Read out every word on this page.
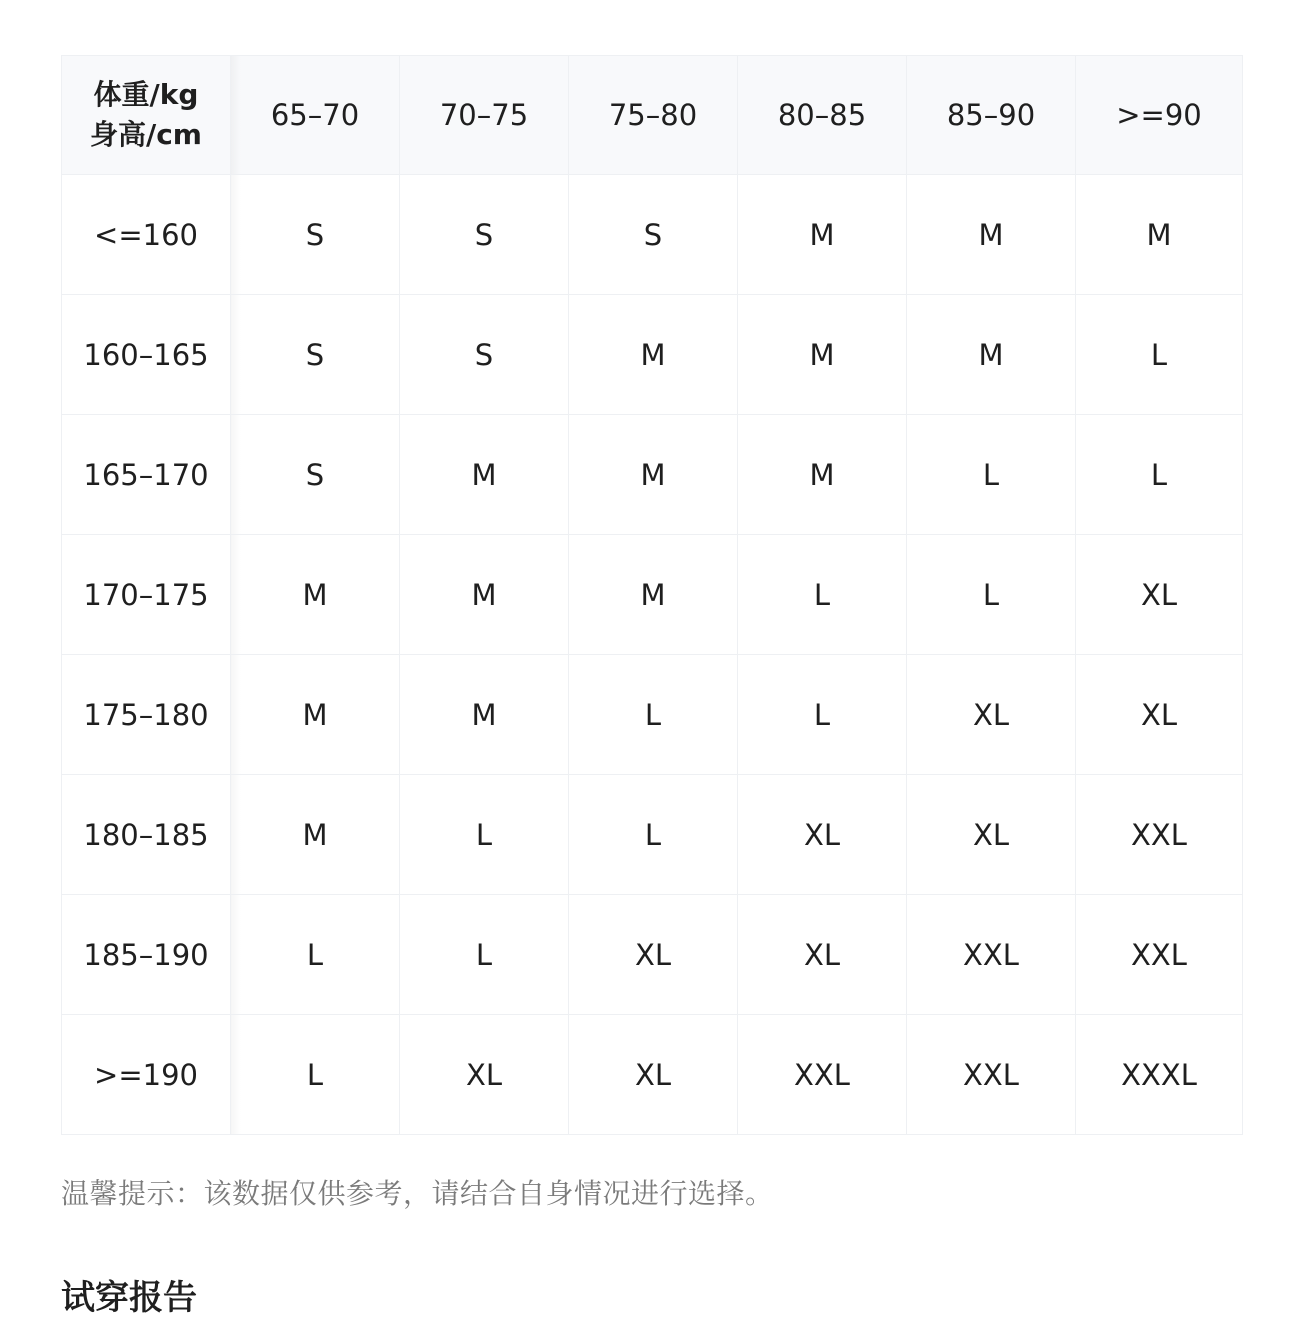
体重/kg
身高/cm	65–70	70–75	75–80	80–85	85–90	>=90
<=160	S	S	S	M	M	M
160–165	S	S	M	M	M	L
165–170	S	M	M	M	L	L
170–175	M	M	M	L	L	XL
175–180	M	M	L	L	XL	XL
180–185	M	L	L	XL	XL	XXL
185–190	L	L	XL	XL	XXL	XXL
>=190	L	XL	XL	XXL	XXL	XXXL
温馨提示：该数据仅供参考，请结合自身情况进行选择。
试穿报告
